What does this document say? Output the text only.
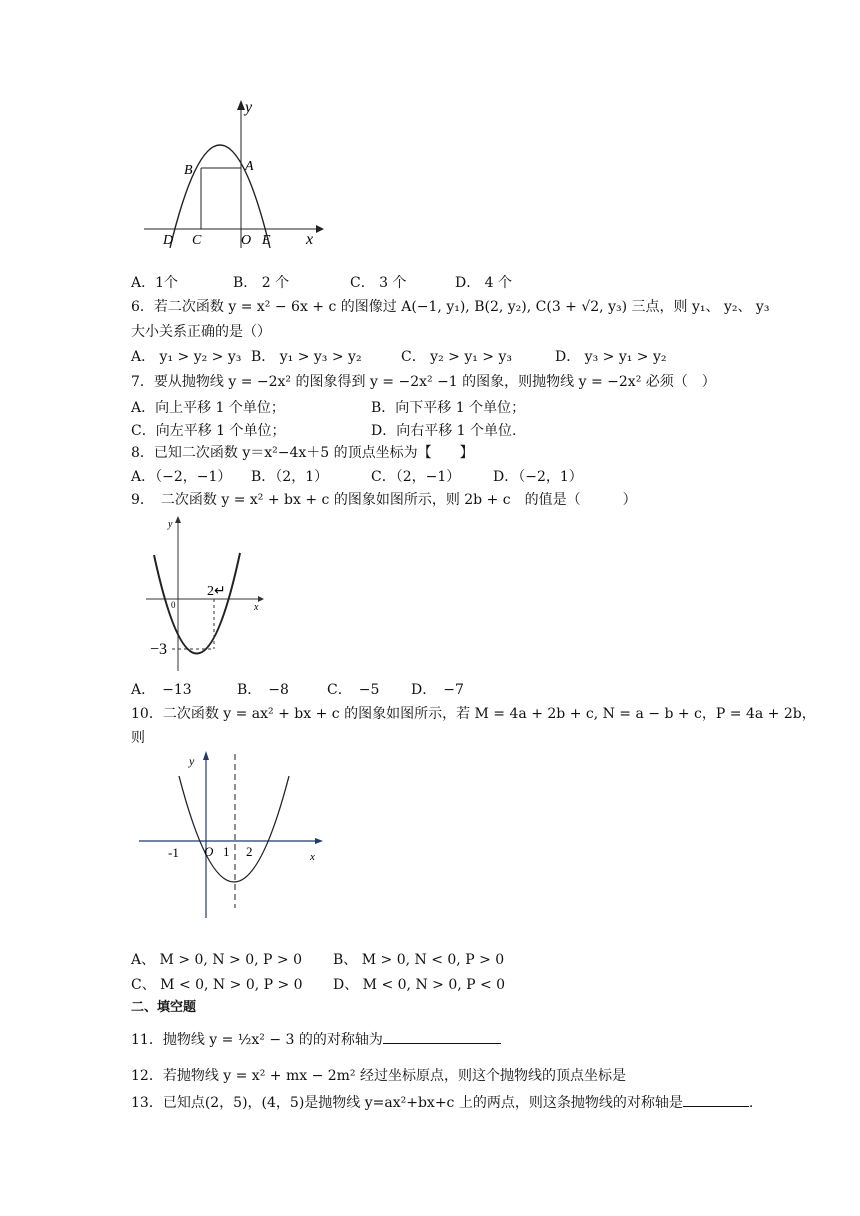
y
x
A
B
C
D	O E
A．1个	B． 2 个	C． 3 个	D． 4 个
6．若二次函数 y = x² − 6x + c 的图像过 A(−1, y₁), B(2, y₂), C(3 + √2, y₃) 三点，则 y₁、 y₂、 y₃
大小关系正确的是（）
A． y₁ > y₂ > y₃ B． y₁ > y₃ > y₂	C． y₂ > y₁ > y₃	D． y₃ > y₁ > y₂
7．要从抛物线 y = −2x² 的图象得到 y = −2x² −1 的图象，则抛物线 y = −2x² 必须（　）
A．向上平移 1 个单位；	B．向下平移 1 个单位；
C．向左平移 1 个单位；	D．向右平移 1 个单位.
8．已知二次函数 y＝x²−4x＋5 的顶点坐标为【　　】
A．（−2，−1） B．（2，1）	C．（2，−1） D．（−2，1）
9．　二次函数 y = x² + bx + c 的图象如图所示，则 2b + c　的值是（　　　）
y
x
0
2↵
−3
A．　−13	B．　−8	C．　−5 D．　−7
10．二次函数 y = ax² + bx + c 的图象如图所示，若 M = 4a + 2b + c, N = a − b + c，P = 4a + 2b，
则
y
x
-1 O 1 2
A、 M > 0, N > 0, P > 0 B、 M > 0, N < 0, P > 0
C、 M < 0, N > 0, P > 0 D、 M < 0, N > 0, P < 0
二、填空题
11．抛物线 y = ½x² − 3 的的对称轴为
12．若抛物线 y = x² + mx − 2m² 经过坐标原点，则这个抛物线的顶点坐标是
13．已知点(2，5)，(4，5)是抛物线 y=ax²+bx+c 上的两点，则这条抛物线的对称轴是	.
